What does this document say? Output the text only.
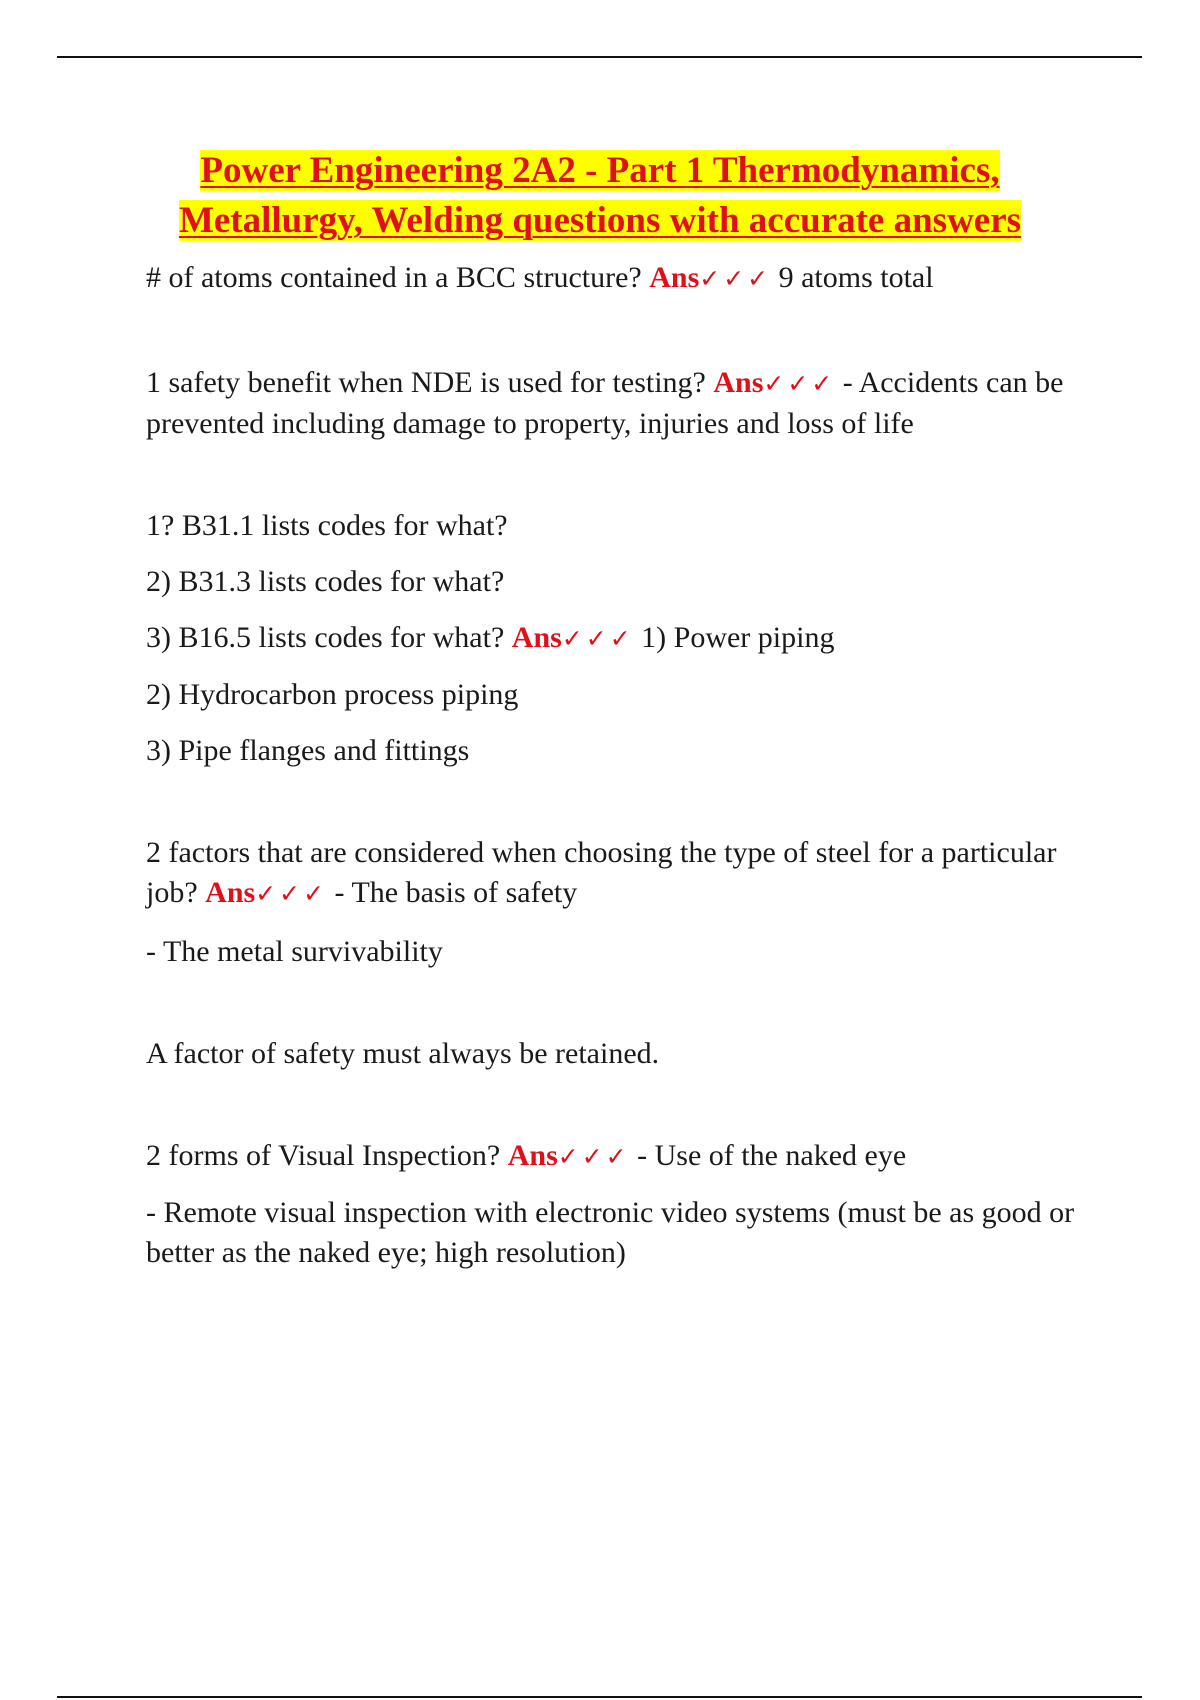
Power Engineering 2A2 - Part 1 Thermodynamics,
Metallurgy, Welding questions with accurate answers

# of atoms contained in a BCC structure? Ans✓✓✓ 9 atoms total

1 safety benefit when NDE is used for testing? Ans✓✓✓ - Accidents can be prevented including damage to property, injuries and loss of life

1? B31.1 lists codes for what?

2) B31.3 lists codes for what?

3) B16.5 lists codes for what? Ans✓✓✓ 1) Power piping

2) Hydrocarbon process piping

3) Pipe flanges and fittings

2 factors that are considered when choosing the type of steel for a particular job? Ans✓✓✓ - The basis of safety

- The metal survivability

A factor of safety must always be retained.

2 forms of Visual Inspection? Ans✓✓✓ - Use of the naked eye

- Remote visual inspection with electronic video systems (must be as good or better as the naked eye; high resolution)
